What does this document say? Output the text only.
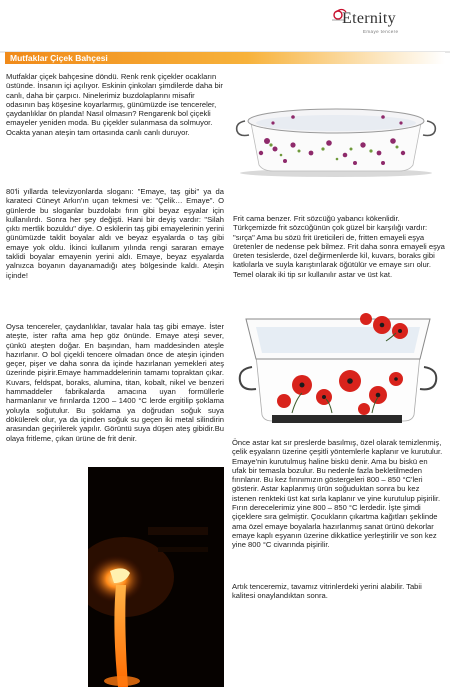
Eternity
Emaye tencere
Mutfaklar Çiçek Bahçesi

Mutfaklar çiçek bahçesine döndü. Renk renk çiçekler ocakların üstünde. İnsanın içi açılıyor. Eskinin çinkoları şimdilerde daha bir canlı, daha bir çarpıcı. Ninelerimiz buzdolaplarını misafir odasının baş köşesine koyarlarmış, günümüzde ise tencereler, çaydanlıklar ön planda! Nasıl olmasın? Rengarenk bol çiçekli emayeler yeniden moda. Bu çiçekler sulanmasa da solmuyor. Ocakta yanan ateşin tam ortasında canlı canlı duruyor.

80'li yıllarda televizyonlarda sloganı: "Emaye, taş gibi" ya da karateci Cüneyt Arkın'ın uçan tekmesi ve: "Çelik… Emaye". O günlerde bu sloganlar buzdolabı fırın gibi beyaz eşyalar için kullanılırdı. Sonra her şey değişti. Hani bir deyiş vardır: "Silah çıktı mertlik bozuldu" diye. O eskilerin taş gibi emayelerinin yerini günümüzde taklit boyalar aldı ve beyaz eşyalarda o taş gibi emaye yok oldu. İkinci kullanım yılında rengi sararan emaye taklidi boyalar emayenin yerini aldı. Emaye, beyaz eşyalarda yalnızca boyanın dayanamadığı ateş bölgesinde kaldı. Ateşin içinde!

Frit cama benzer. Frit sözcüğü yabancı kökenlidir. Türkçemizde frit sözcüğünün çok güzel bir karşılığı vardır: "sırça" Ama bu sözü frit üreticileri de, fritten emayeli eşya üretenler de nedense pek bilmez. Frit daha sonra emayeli eşya üreten tesislerde, özel değirmenlerde kil, kuvars, boraks gibi katkılarla ve suyla karıştırılarak öğütülür ve emaye sırı olur. Temel olarak iki tip sır kullanılır astar ve üst kat.

Oysa tencereler, çaydanlıklar, tavalar hala taş gibi emaye. İster ateşte, ister rafta ama hep göz önünde. Emaye ateşi sever, çünkü ateşten doğar. En başından, ham maddesinden ateşle hazırlanır. O bol çiçekli tencere olmadan önce de ateşin içinden geçer, pişer ve daha sonra da içinde hazırlanan yemekleri ateş üzerinde pişirir.Emaye hammaddelerinin tamamı topraktan çıkar. Kuvars, feldspat, boraks, alumina, titan, kobalt, nikel ve benzeri hammaddeler fabrikalarda amacına uyan formüllerle harmanlanır ve fırınlarda 1200 – 1400 °C lerde ergitilip şoklama yoluyla soğutulur. Bu şoklama ya doğrudan soğuk suya dökülerek olur, ya da içinden soğuk su geçen iki metal silindirin arasından geçirilerek yapılır. Görüntü suya düşen ateş gibidir.Bu olaya fritleme, çıkan ürüne de frit denir.	Önce astar kat sır preslerde basılmış, özel olarak temizlenmiş, çelik eşyaların üzerine çeşitli yöntemlerle kaplanır ve kurutulur. Emaye'nin kurutulmuş haline biskü denir. Ama bu biskü en ufak bir temasla bozulur. Bu nedenle fazla bekletilmeden fırınlanır. Bu kez fırınımızın göstergeleri 800 – 850 °C'leri gösterir. Astar kaplanmış ürün soğuduktan sonra bu kez istenen renkteki üst kat sırla kaplanır ve yine kurutulup pişirilir. Fırın derecelerimiz yine 800 – 850 °C lerdedir. İşte şimdi çiçeklere sıra gelmiştir. Çocukların çıkartma kağıtları şeklinde ama özel emaye boyalarla hazırlanmış sanat ürünü dekorlar emaye kaplı eşyanın üzerine dikkatlice yerleştirilir ve son kez yine 800 °C civarında pişirilir.

Artık tenceremiz, tavamız vitrinlerdeki yerini alabilir. Tabii kalitesi onaylandıktan sonra.
